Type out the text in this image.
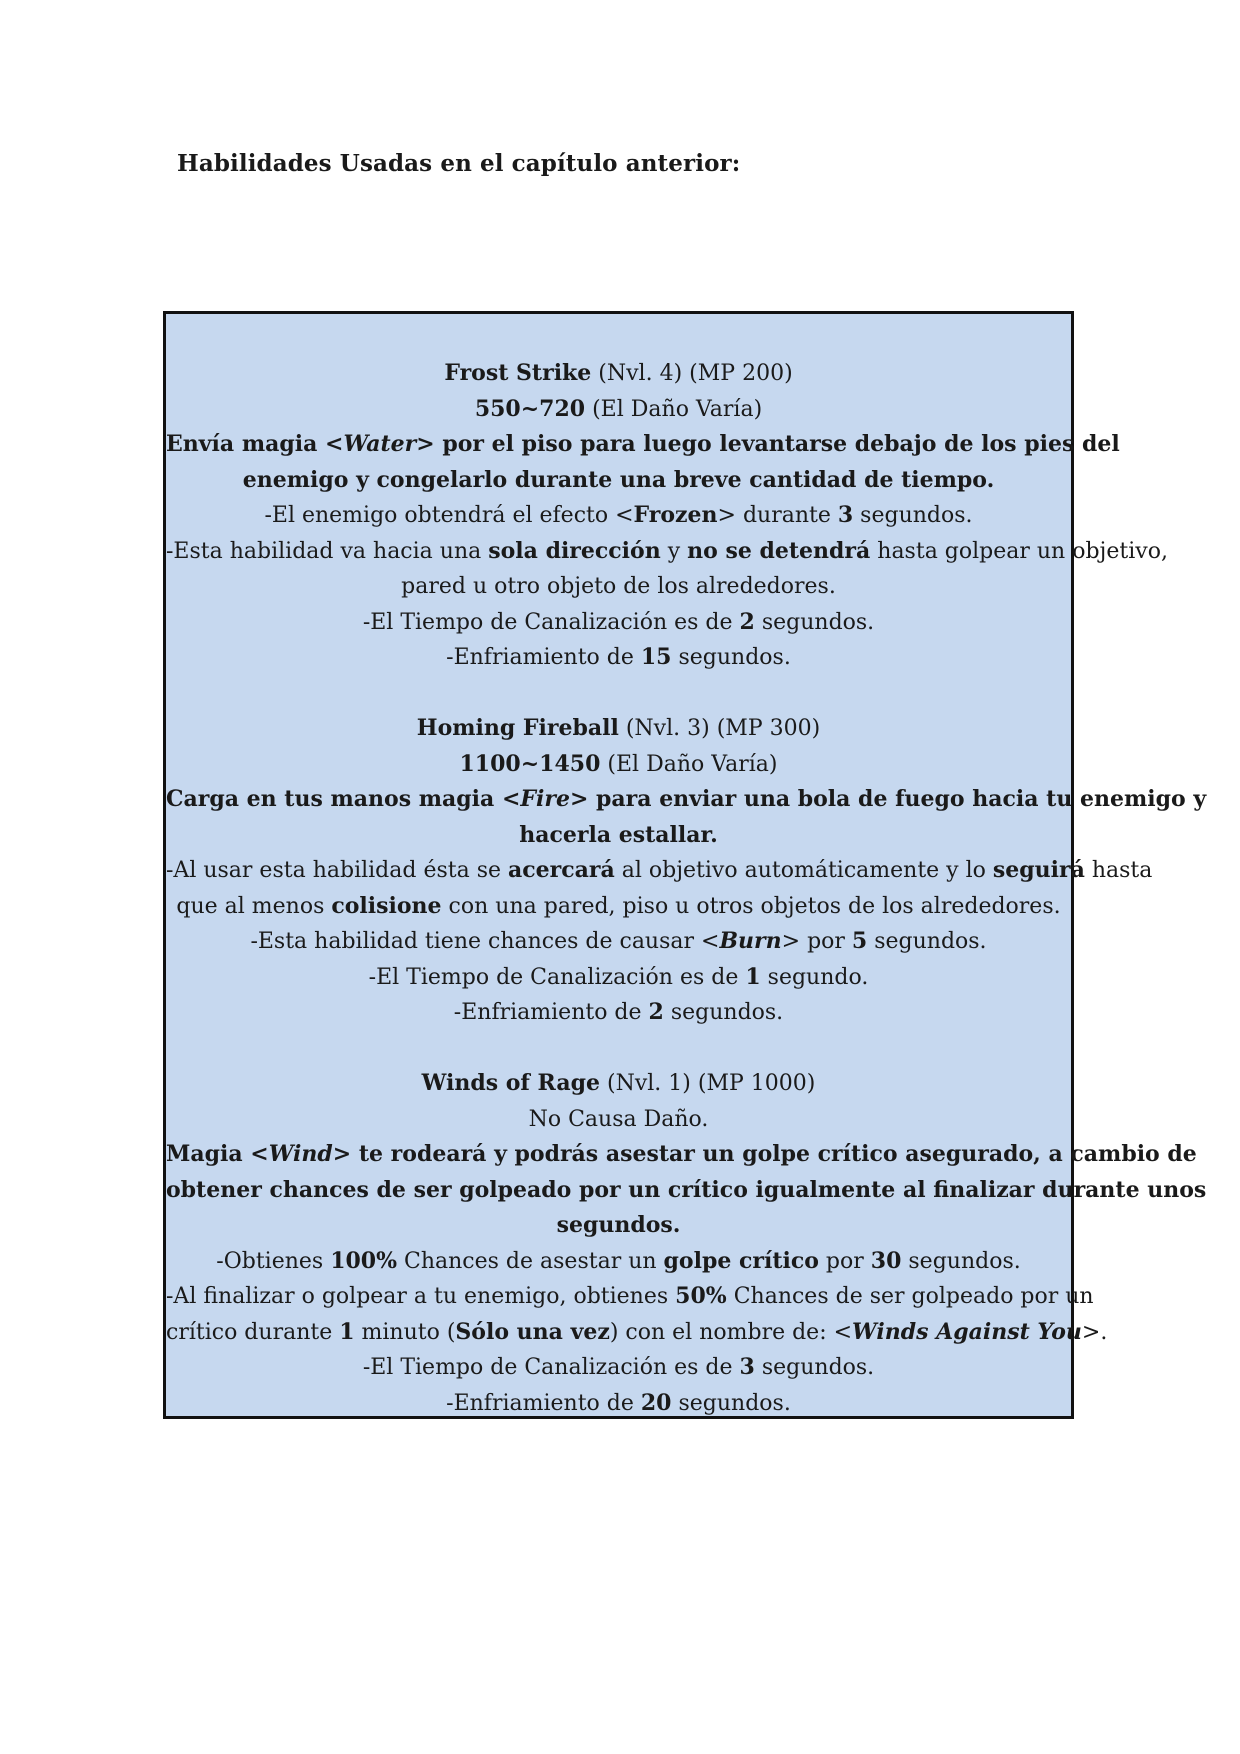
Habilidades Usadas en el capítulo anterior:
Frost Strike (Nvl. 4) (MP 200)
550~720 (El Daño Varía)
Envía magia <Water> por el piso para luego levantarse debajo de los pies del
enemigo y congelarlo durante una breve cantidad de tiempo.
-El enemigo obtendrá el efecto <Frozen> durante 3 segundos.
-Esta habilidad va hacia una sola dirección y no se detendrá hasta golpear un objetivo,
pared u otro objeto de los alrededores.
-El Tiempo de Canalización es de 2 segundos.
-Enfriamiento de 15 segundos.
Homing Fireball (Nvl. 3) (MP 300)
1100~1450 (El Daño Varía)
Carga en tus manos magia <Fire> para enviar una bola de fuego hacia tu enemigo y
hacerla estallar.
-Al usar esta habilidad ésta se acercará al objetivo automáticamente y lo seguirá hasta
que al menos colisione con una pared, piso u otros objetos de los alrededores.
-Esta habilidad tiene chances de causar <Burn> por 5 segundos.
-El Tiempo de Canalización es de 1 segundo.
-Enfriamiento de 2 segundos.
Winds of Rage (Nvl. 1) (MP 1000)
No Causa Daño.
Magia <Wind> te rodeará y podrás asestar un golpe crítico asegurado, a cambio de
obtener chances de ser golpeado por un crítico igualmente al finalizar durante unos
segundos.
-Obtienes 100% Chances de asestar un golpe crítico por 30 segundos.
-Al finalizar o golpear a tu enemigo, obtienes 50% Chances de ser golpeado por un
crítico durante 1 minuto (Sólo una vez) con el nombre de: <Winds Against You>.
-El Tiempo de Canalización es de 3 segundos.
-Enfriamiento de 20 segundos.
